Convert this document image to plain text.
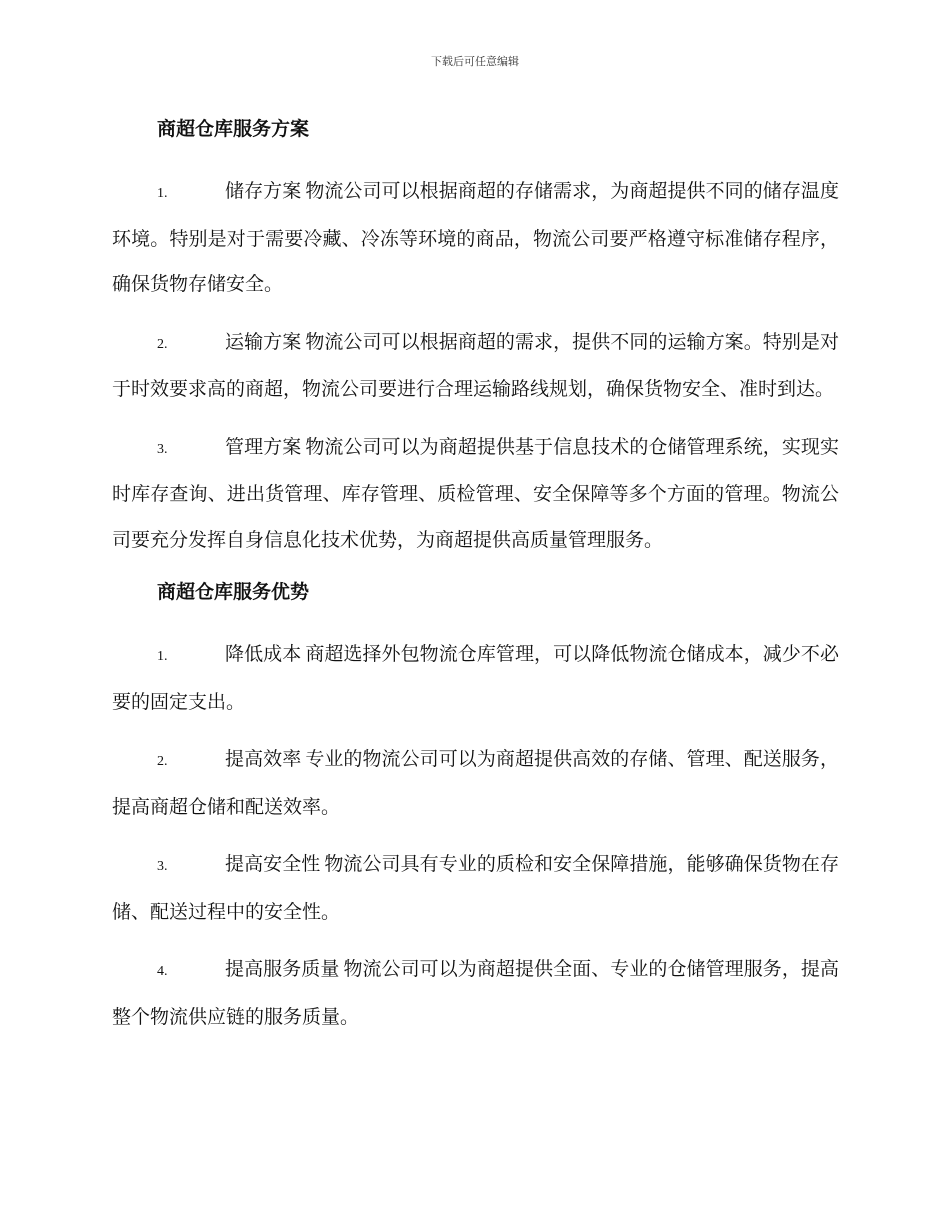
下载后可任意编辑
商超仓库服务方案
1.	储存方案 物流公司可以根据商超的存储需求，为商超提供不同的储存温度环境。特别是对于需要冷藏、冷冻等环境的商品，物流公司要严格遵守标准储存程序，确保货物存储安全。
2.	运输方案 物流公司可以根据商超的需求，提供不同的运输方案。特别是对于时效要求高的商超，物流公司要进行合理运输路线规划，确保货物安全、准时到达。
3.	管理方案 物流公司可以为商超提供基于信息技术的仓储管理系统，实现实时库存查询、进出货管理、库存管理、质检管理、安全保障等多个方面的管理。物流公司要充分发挥自身信息化技术优势，为商超提供高质量管理服务。
商超仓库服务优势
1.	降低成本 商超选择外包物流仓库管理，可以降低物流仓储成本，减少不必要的固定支出。
2.	提高效率 专业的物流公司可以为商超提供高效的存储、管理、配送服务，提高商超仓储和配送效率。
3.	提高安全性 物流公司具有专业的质检和安全保障措施，能够确保货物在存储、配送过程中的安全性。
4.	提高服务质量 物流公司可以为商超提供全面、专业的仓储管理服务，提高整个物流供应链的服务质量。
